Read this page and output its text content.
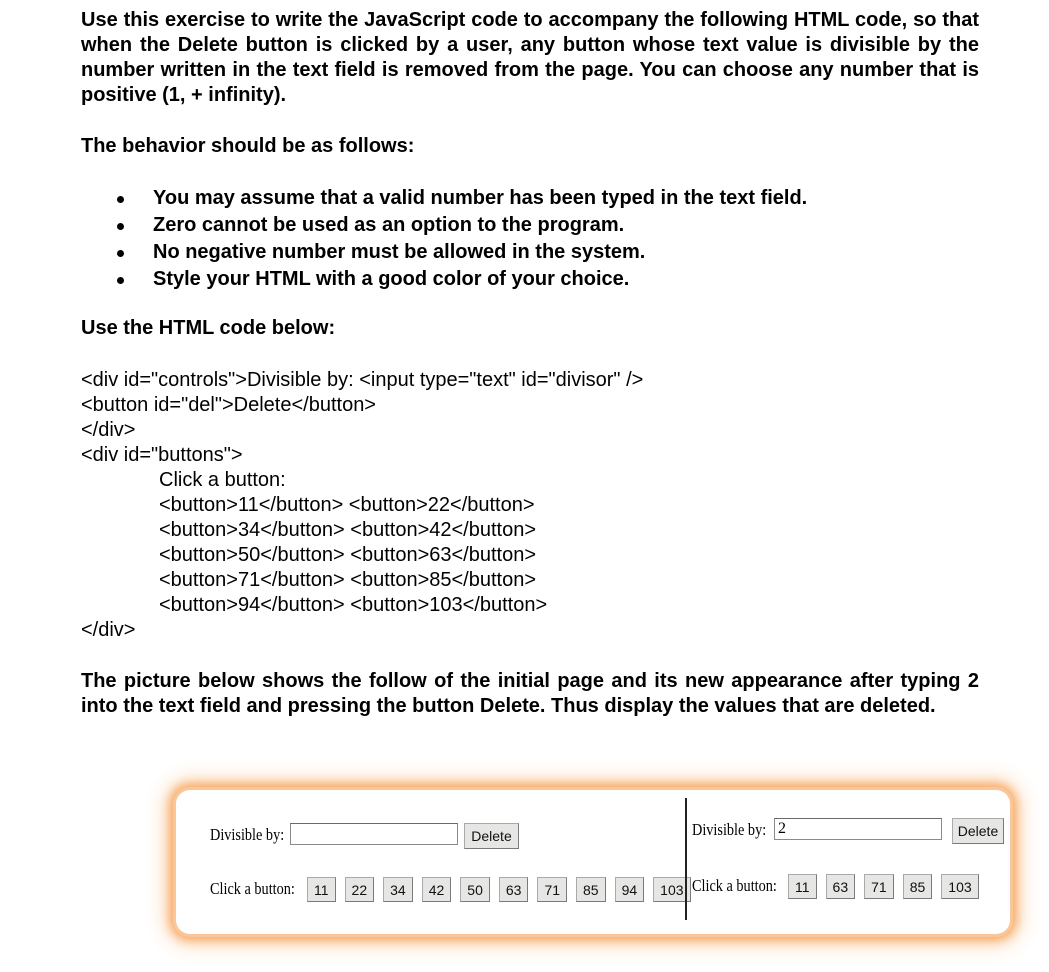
Use this exercise to write the JavaScript code to accompany the following HTML code, so that when the Delete button is clicked by a user, any button whose text value is divisible by the number written in the text field is removed from the page. You can choose any number that is positive (1, + infinity).

The behavior should be as follows:

You may assume that a valid number has been typed in the text field.
Zero cannot be used as an option to the program.
No negative number must be allowed in the system.
Style your HTML with a good color of your choice.

Use the HTML code below:

<div id="controls">Divisible by: <input type="text" id="divisor" />
<button id="del">Delete</button>
</div>
<div id="buttons">
Click a button:
<button>11</button> <button>22</button>
<button>34</button> <button>42</button>
<button>50</button> <button>63</button>
<button>71</button> <button>85</button>
<button>94</button> <button>103</button>
</div>

The picture below shows the follow of the initial page and its new appearance after typing 2 into the text field and pressing the button Delete. Thus display the values that are deleted.

Divisible by:	Delete
Click a button:	11	22	34	42	50	63	71	85	94	103
Divisible by: 2	Delete
Click a button:	11	63	71	85	103
